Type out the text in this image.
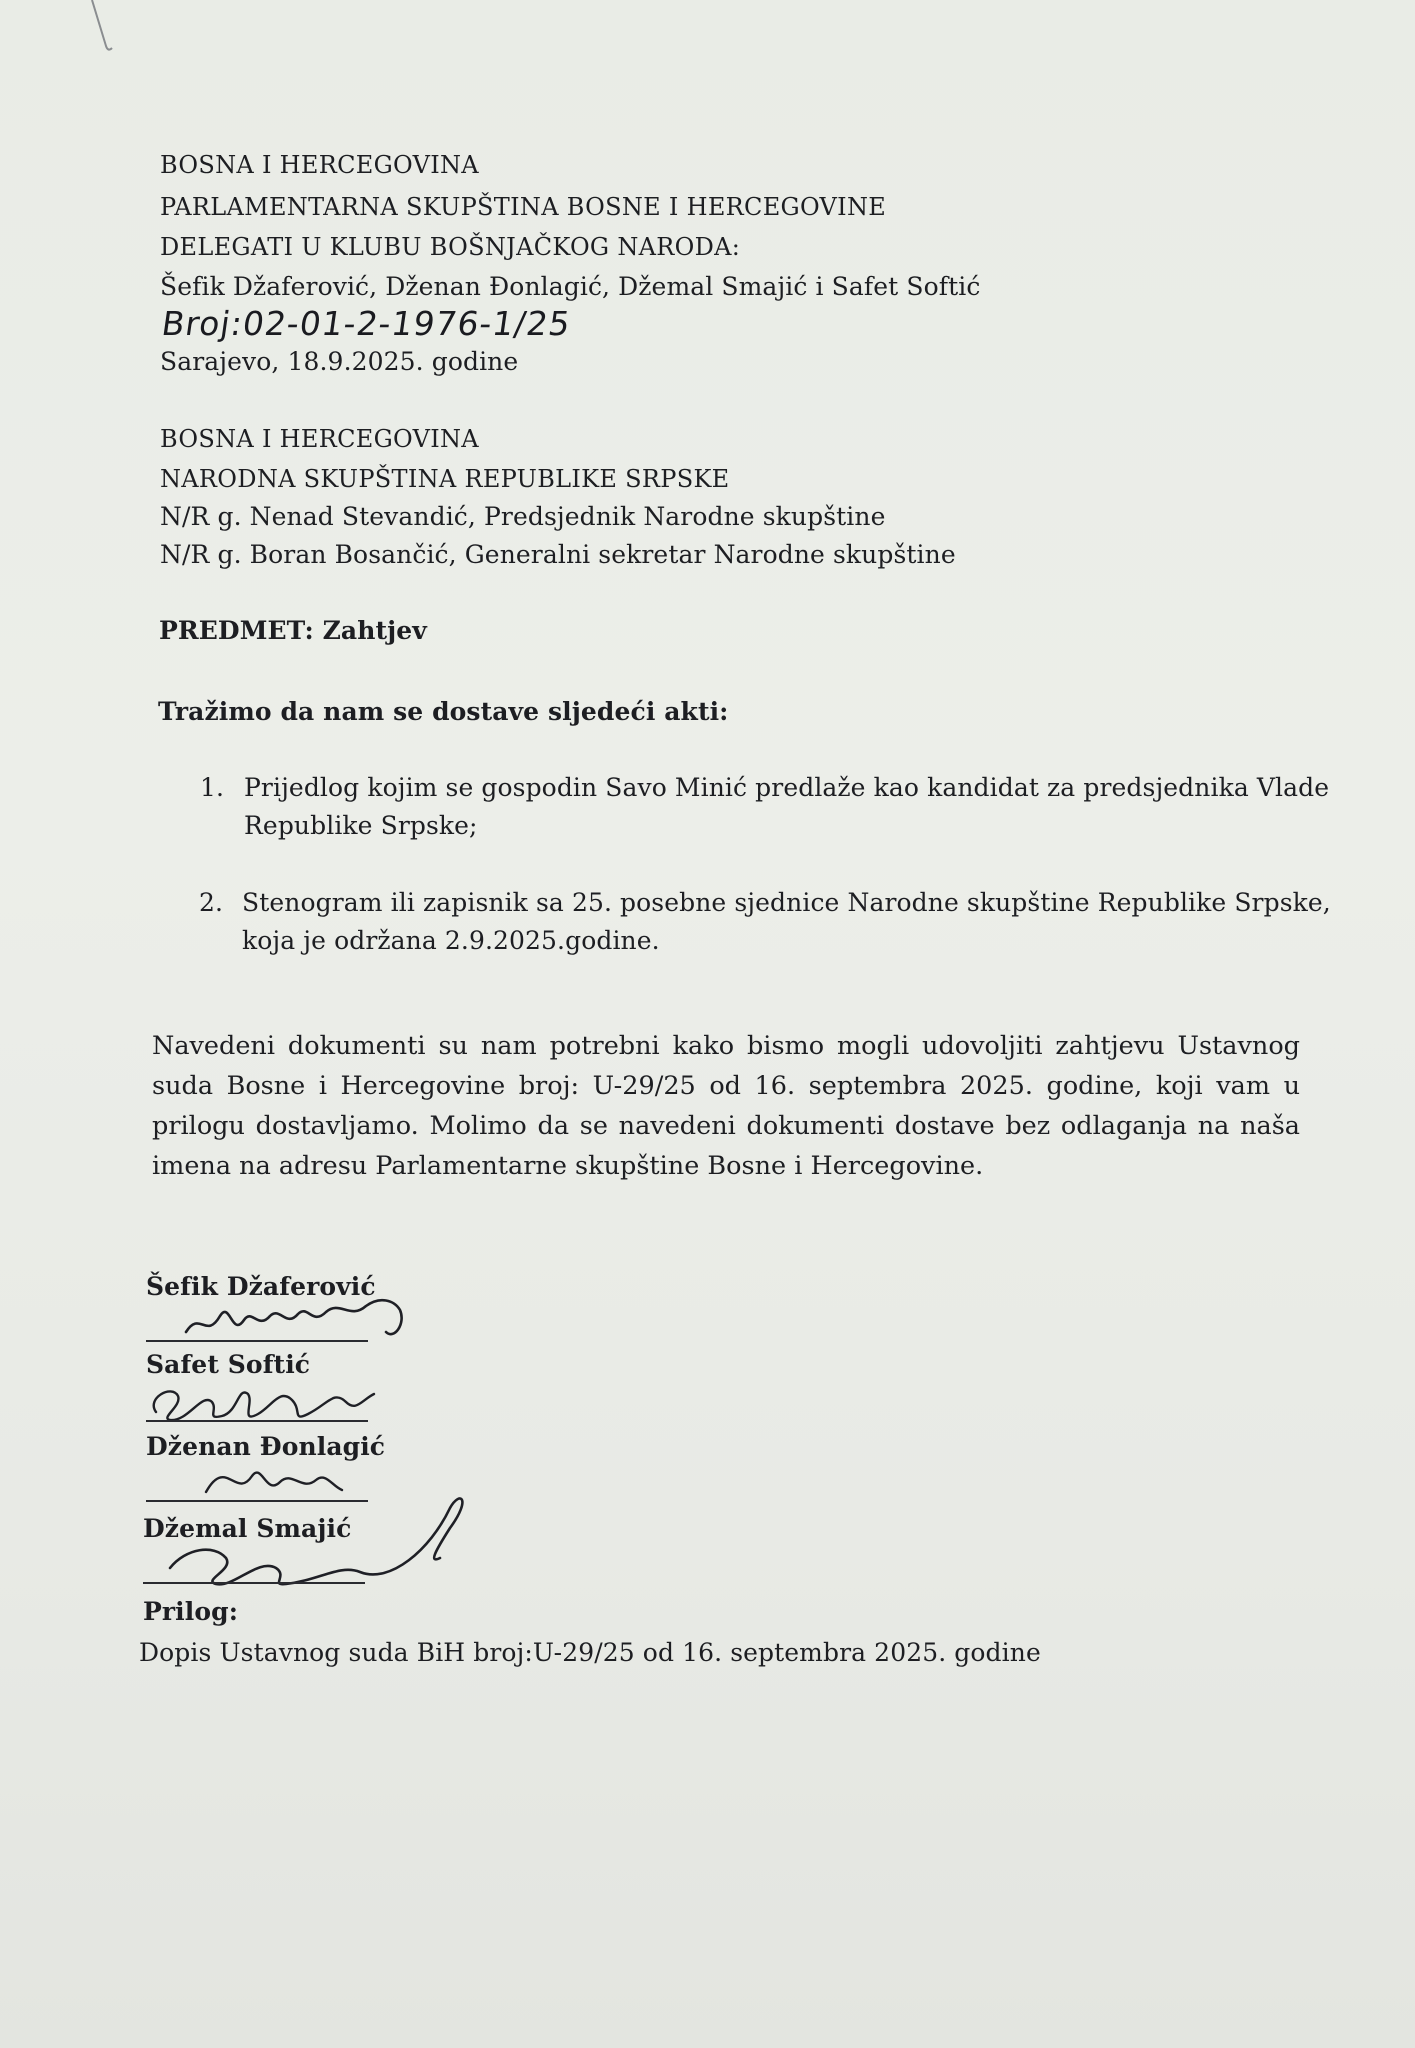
BOSNA I HERCEGOVINA
PARLAMENTARNA SKUPŠTINA BOSNE I HERCEGOVINE
DELEGATI U KLUBU BOŠNJAČKOG NARODA:
Šefik Džaferović, Dženan Đonlagić, Džemal Smajić i Safet Softić
Broj:02-01-2-1976-1/25
Sarajevo, 18.9.2025. godine
BOSNA I HERCEGOVINA
NARODNA SKUPŠTINA REPUBLIKE SRPSKE
N/R g. Nenad Stevandić, Predsjednik Narodne skupštine
N/R g. Boran Bosančić, Generalni sekretar Narodne skupštine
PREDMET: Zahtjev
Tražimo da nam se dostave sljedeći akti:
1. Prijedlog kojim se gospodin Savo Minić predlaže kao kandidat za predsjednika Vlade
Republike Srpske;
2. Stenogram ili zapisnik sa 25. posebne sjednice Narodne skupštine Republike Srpske,
koja je održana 2.9.2025.godine.
Navedeni dokumenti su nam potrebni kako bismo mogli udovoljiti zahtjevu Ustavnog suda Bosne i Hercegovine broj: U-29/25 od 16. septembra 2025. godine, koji vam u prilogu dostavljamo. Molimo da se navedeni dokumenti dostave bez odlaganja na naša imena na adresu Parlamentarne skupštine Bosne i Hercegovine.
Šefik Džaferović
Safet Softić
Dženan Đonlagić
Džemal Smajić
Prilog:
Dopis Ustavnog suda BiH broj:U-29/25 od 16. septembra 2025. godine
